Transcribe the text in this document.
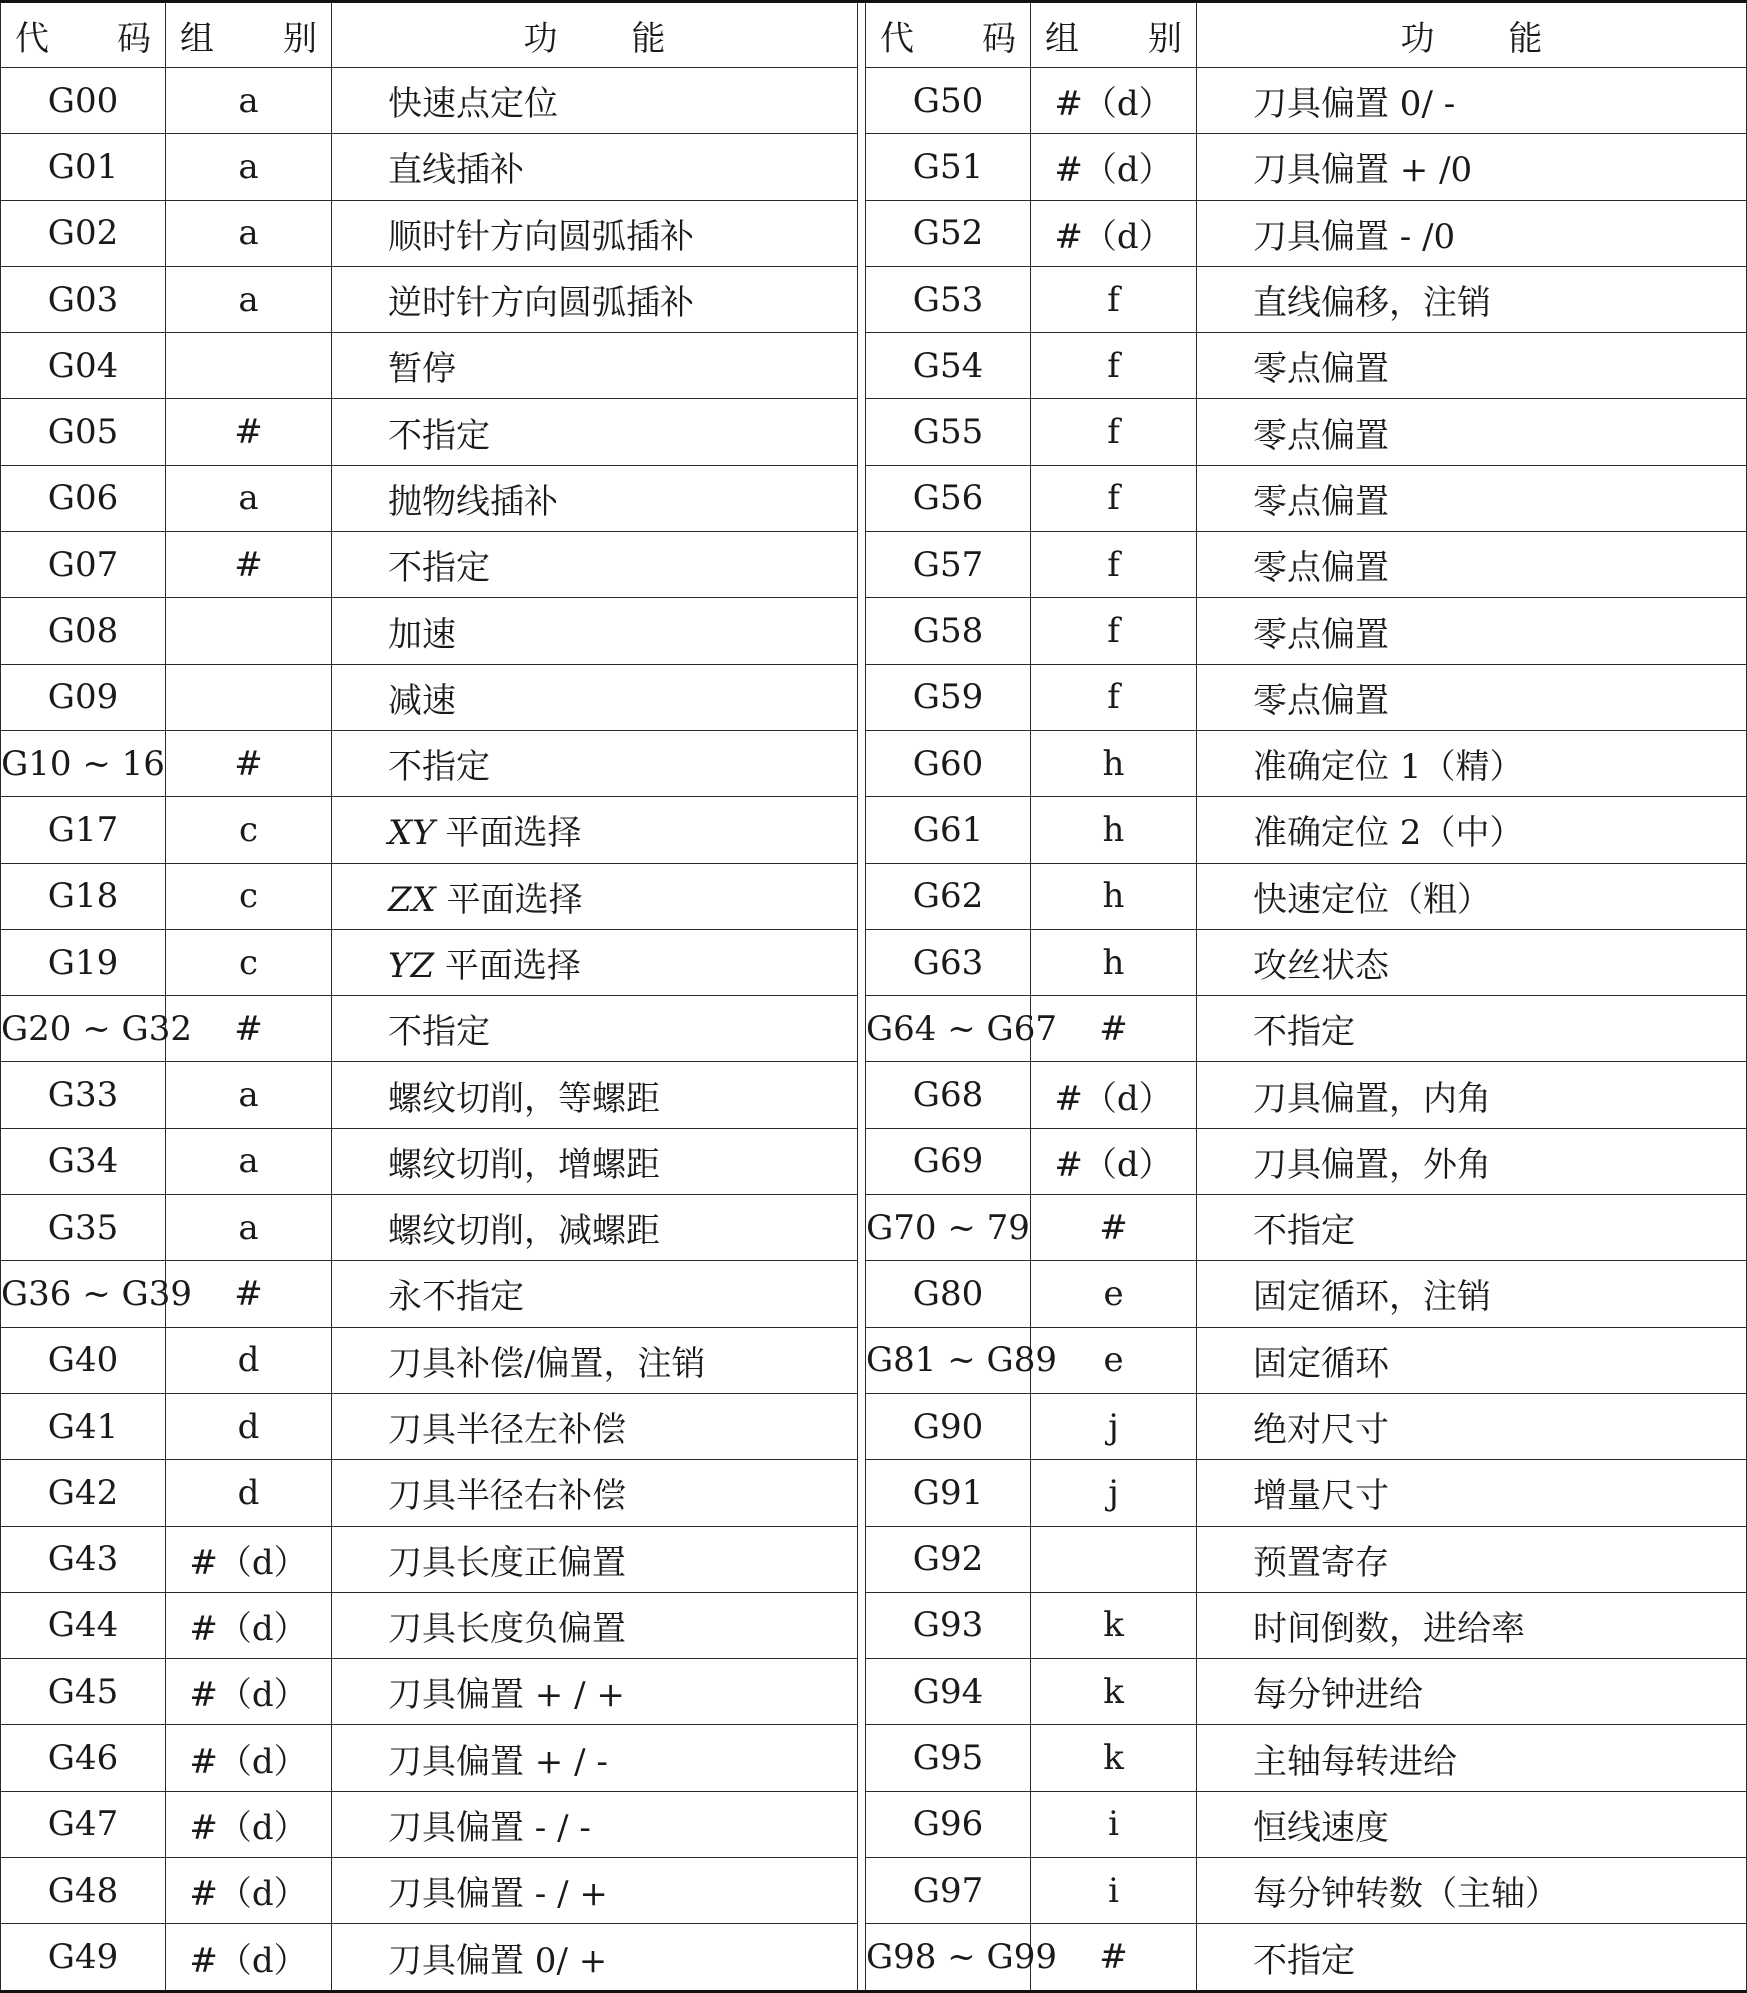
代 码	组 别	功 能		代 码	组 别	功 能

G00	a	快速点定位		G50	#（d）	刀具偏置 0/ -
G01	a	直线插补		G51	#（d）	刀具偏置 + /0
G02	a	顺时针方向圆弧插补		G52	#（d）	刀具偏置 - /0
G03	a	逆时针方向圆弧插补		G53	f	直线偏移，注销
G04		暂停		G54	f	零点偏置
G05	#	不指定		G55	f	零点偏置
G06	a	抛物线插补		G56	f	零点偏置
G07	#	不指定		G57	f	零点偏置
G08		加速		G58	f	零点偏置
G09		减速		G59	f	零点偏置
G10 ~ 16	#	不指定		G60	h	准确定位 1（精）
G17	c	XY 平面选择		G61	h	准确定位 2（中）
G18	c	ZX 平面选择		G62	h	快速定位（粗）
G19	c	YZ 平面选择		G63	h	攻丝状态
G20 ~ G32	#	不指定		G64 ~ G67	#	不指定
G33	a	螺纹切削，等螺距		G68	#（d）	刀具偏置，内角
G34	a	螺纹切削，增螺距		G69	#（d）	刀具偏置，外角
G35	a	螺纹切削，减螺距		G70 ~ 79	#	不指定
G36 ~ G39	#	永不指定		G80	e	固定循环，注销
G40	d	刀具补偿/偏置，注销		G81 ~ G89	e	固定循环
G41	d	刀具半径左补偿		G90	j	绝对尺寸
G42	d	刀具半径右补偿		G91	j	增量尺寸
G43	#（d）	刀具长度正偏置		G92		预置寄存
G44	#（d）	刀具长度负偏置		G93	k	时间倒数，进给率
G45	#（d）	刀具偏置 + / +		G94	k	每分钟进给
G46	#（d）	刀具偏置 + / -		G95	k	主轴每转进给
G47	#（d）	刀具偏置 - / -		G96	i	恒线速度
G48	#（d）	刀具偏置 - / +		G97	i	每分钟转数（主轴）
G49	#（d）	刀具偏置 0/ +		G98 ~ G99	#	不指定
